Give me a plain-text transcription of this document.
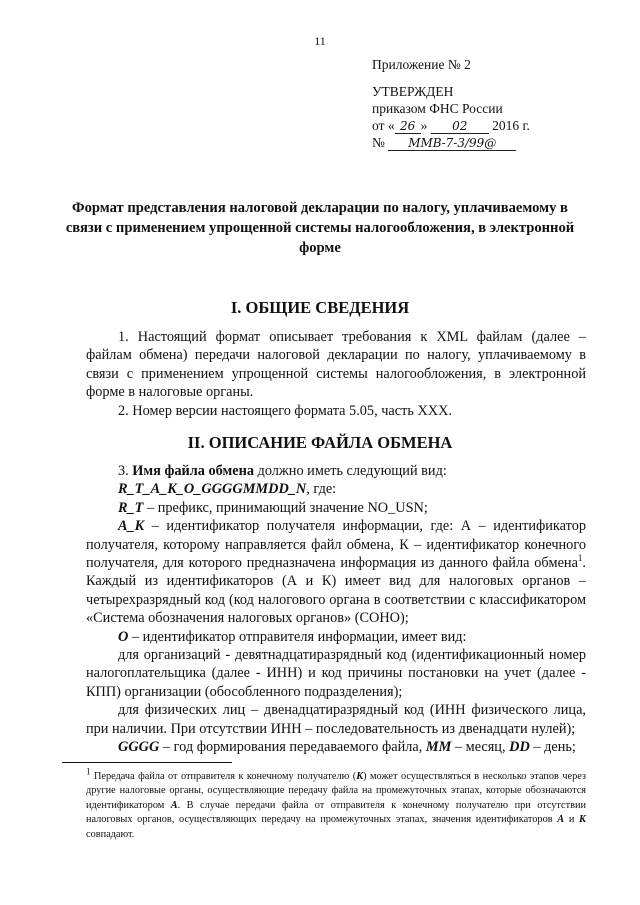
11
Приложение № 2
УТВЕРЖДЕН
приказом ФНС России
от « 26 » 02 2016 г.
№ ММВ-7-3/99@
Формат представления налоговой декларации по налогу, уплачиваемому в связи с применением упрощенной системы налогообложения, в электронной форме
I. ОБЩИЕ СВЕДЕНИЯ

1. Настоящий формат описывает требования к XML файлам (далее – файлам обмена) передачи налоговой декларации по налогу, уплачиваемому в связи с применением упрощенной системы налогообложения, в электронной форме в налоговые органы.

2. Номер версии настоящего формата 5.05, часть XXX.

II. ОПИСАНИЕ ФАЙЛА ОБМЕНА

3. Имя файла обмена должно иметь следующий вид:

R_T_A_K_O_GGGGMMDD_N, где:

R_T – префикс, принимающий значение NO_USN;

A_K – идентификатор получателя информации, где: А – идентификатор получателя, которому направляется файл обмена, К – идентификатор конечного получателя, для которого предназначена информация из данного файла обмена$^1$. Каждый из идентификаторов (А и К) имеет вид для налоговых органов – четырехразрядный код (код налогового органа в соответствии с классификатором «Система обозначения налоговых органов» (СОНО);

O – идентификатор отправителя информации, имеет вид:

для организаций - девятнадцатиразрядный код (идентификационный номер налогоплательщика (далее - ИНН) и код причины постановки на учет (далее - КПП) организации (обособленного подразделения);

для физических лиц – двенадцатиразрядный код (ИНН физического лица, при наличии. При отсутствии ИНН – последовательность из двенадцати нулей);

GGGG – год формирования передаваемого файла, MM – месяц, DD – день;

$^1$ Передача файла от отправителя к конечному получателю (К) может осуществляться в несколько этапов через другие налоговые органы, осуществляющие передачу файла на промежуточных этапах, которые обозначаются идентификатором А. В случае передачи файла от отправителя к конечному получателю при отсутствии налоговых органов, осуществляющих передачу на промежуточных этапах, значения идентификаторов А и К совпадают.
